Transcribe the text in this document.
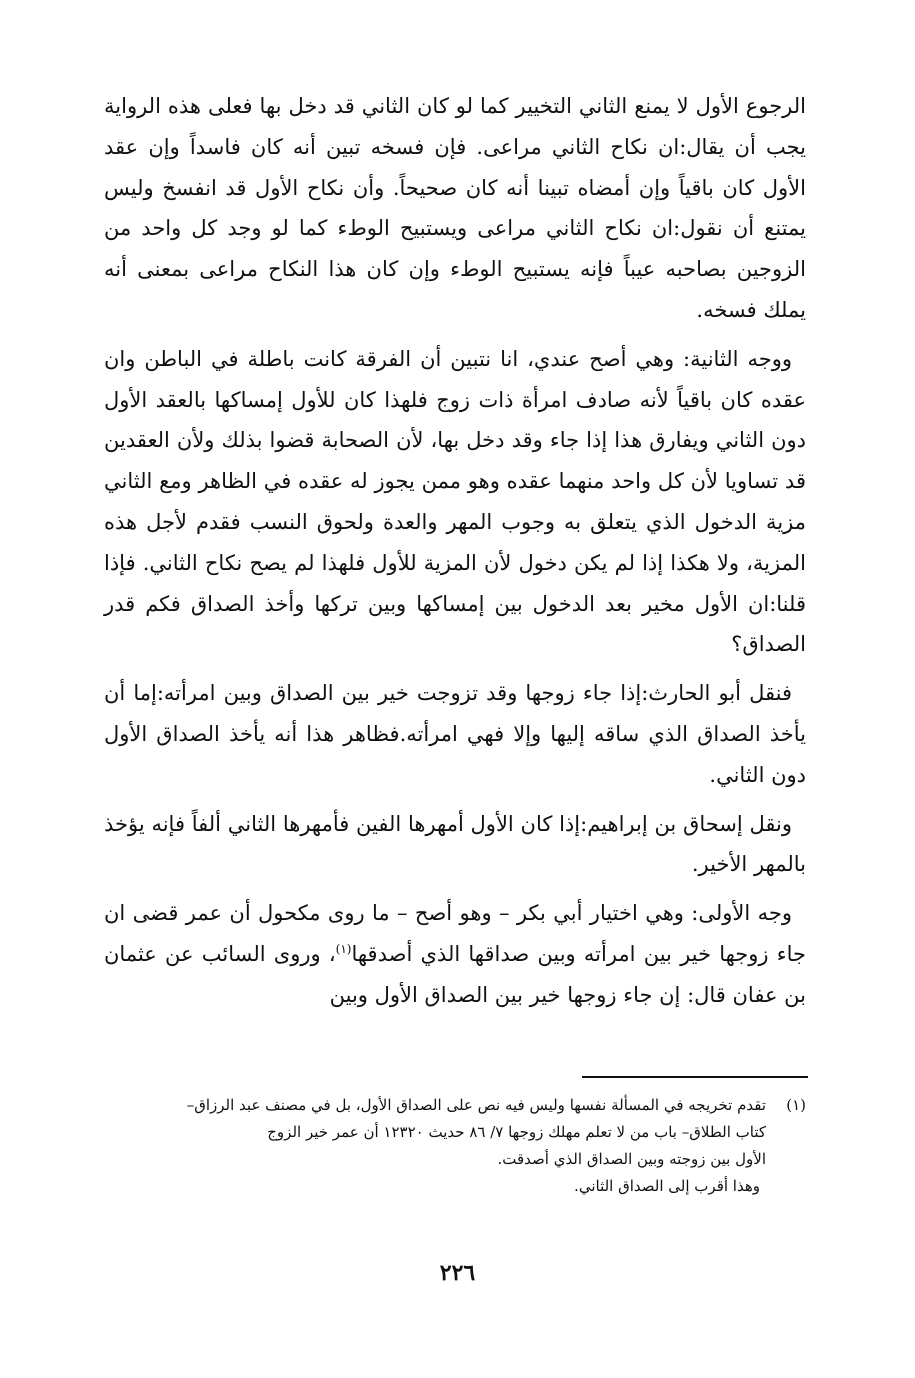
الرجوع الأول لا يمنع الثاني التخيير كما لو كان الثاني قد دخل بها فعلى هذه الرواية يجب أن يقال:ان نكاح الثاني مراعى. فإن فسخه تبين أنه كان فاسداً وإن عقد الأول كان باقياً وإن أمضاه تبينا أنه كان صحيحاً. وأن نكاح الأول قد انفسخ وليس يمتنع أن نقول:ان نكاح الثاني مراعى ويستبيح الوطء كما لو وجد كل واحد من الزوجين بصاحبه عيباً فإنه يستبيح الوطء وإن كان هذا النكاح مراعى بمعنى أنه يملك فسخه.

ووجه الثانية: وهي أصح عندي، انا نتبين أن الفرقة كانت باطلة في الباطن وان عقده كان باقياً لأنه صادف امرأة ذات زوج فلهذا كان للأول إمساكها بالعقد الأول دون الثاني ويفارق هذا إذا جاء وقد دخل بها، لأن الصحابة قضوا بذلك ولأن العقدين قد تساويا لأن كل واحد منهما عقده وهو ممن يجوز له عقده في الظاهر ومع الثاني مزية الدخول الذي يتعلق به وجوب المهر والعدة ولحوق النسب فقدم لأجل هذه المزية، ولا هكذا إذا لم يكن دخول لأن المزية للأول فلهذا لم يصح نكاح الثاني. فإذا قلنا:ان الأول مخير بعد الدخول بين إمساكها وبين تركها وأخذ الصداق فكم قدر الصداق؟

فنقل أبو الحارث:إذا جاء زوجها وقد تزوجت خير بين الصداق وبين امرأته:إما أن يأخذ الصداق الذي ساقه إليها وإلا فهي امرأته.فظاهر هذا أنه يأخذ الصداق الأول دون الثاني.

ونقل إسحاق بن إبراهيم:إذا كان الأول أمهرها الفين فأمهرها الثاني ألفاً فإنه يؤخذ بالمهر الأخير.

وجه الأولى: وهي اختيار أبي بكر – وهو أصح – ما روى مكحول أن عمر قضى ان جاء زوجها خير بين امرأته وبين صداقها الذي أصدقها$^{(١)}$، وروى السائب عن عثمان بن عفان قال: إن جاء زوجها خير بين الصداق الأول وبين

(١)
تقدم تخريجه في المسألة نفسها وليس فيه نص على الصداق الأول، بل في مصنف عبد الرزاق–
كتاب الطلاق– باب من لا تعلم مهلك زوجها ٧/ ٨٦ حديث ١٢٣٢٠ أن عمر خير الزوج
الأول بين زوجته وبين الصداق الذي أصدقت.
وهذا أقرب إلى الصداق الثاني.
٢٢٦
